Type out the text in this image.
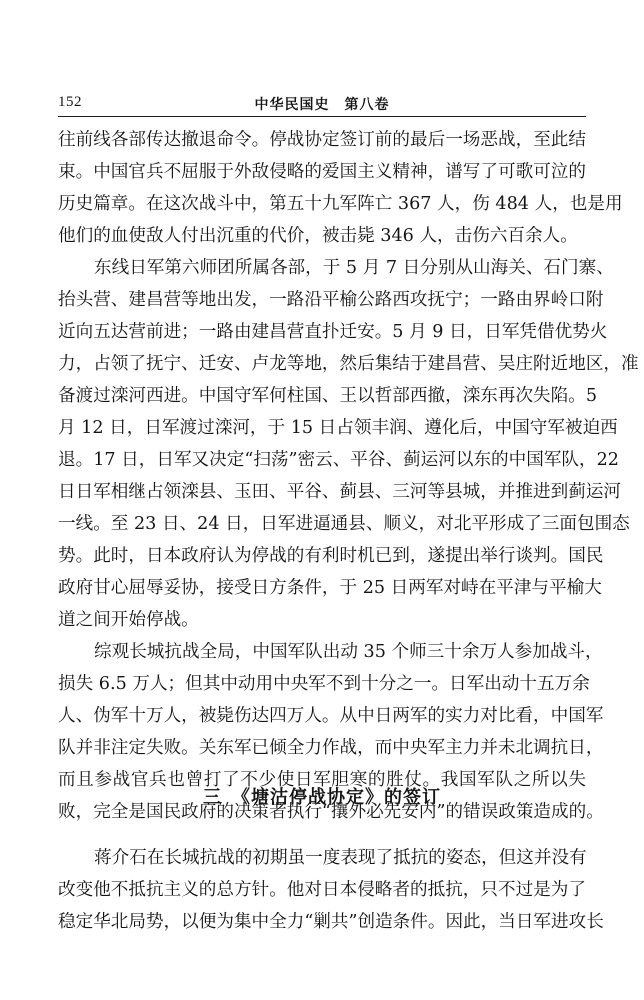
152	中华民国史　第八卷
往前线各部传达撤退命令。停战协定签订前的最后一场恶战，至此结
束。中国官兵不屈服于外敌侵略的爱国主义精神，谱写了可歌可泣的
历史篇章。在这次战斗中，第五十九军阵亡 367 人，伤 484 人，也是用
他们的血使敌人付出沉重的代价，被击毙 346 人，击伤六百余人。
东线日军第六师团所属各部，于 5 月 7 日分别从山海关、石门寨、
抬头营、建昌营等地出发，一路沿平榆公路西攻抚宁；一路由界岭口附
近向五达营前进；一路由建昌营直扑迁安。5 月 9 日，日军凭借优势火
力，占领了抚宁、迁安、卢龙等地，然后集结于建昌营、吴庄附近地区，准
备渡过滦河西进。中国守军何柱国、王以哲部西撤，滦东再次失陷。5
月 12 日，日军渡过滦河，于 15 日占领丰润、遵化后，中国守军被迫西
退。17 日，日军又决定“扫荡”密云、平谷、蓟运河以东的中国军队，22
日日军相继占领滦县、玉田、平谷、蓟县、三河等县城，并推进到蓟运河
一线。至 23 日、24 日，日军进逼通县、顺义，对北平形成了三面包围态
势。此时，日本政府认为停战的有利时机已到，遂提出举行谈判。国民
政府甘心屈辱妥协，接受日方条件，于 25 日两军对峙在平津与平榆大
道之间开始停战。
综观长城抗战全局，中国军队出动 35 个师三十余万人参加战斗，
损失 6.5 万人；但其中动用中央军不到十分之一。日军出动十五万余
人、伪军十万人，被毙伤达四万人。从中日两军的实力对比看，中国军
队并非注定失败。关东军已倾全力作战，而中央军主力并未北调抗日，
而且参战官兵也曾打了不少使日军胆寒的胜仗。我国军队之所以失
败，完全是国民政府的决策者执行“攘外必先安内”的错误政策造成的。
三　《塘沽停战协定》的签订
蒋介石在长城抗战的初期虽一度表现了抵抗的姿态，但这并没有
改变他不抵抗主义的总方针。他对日本侵略者的抵抗，只不过是为了
稳定华北局势，以便为集中全力“剿共”创造条件。因此，当日军进攻长
